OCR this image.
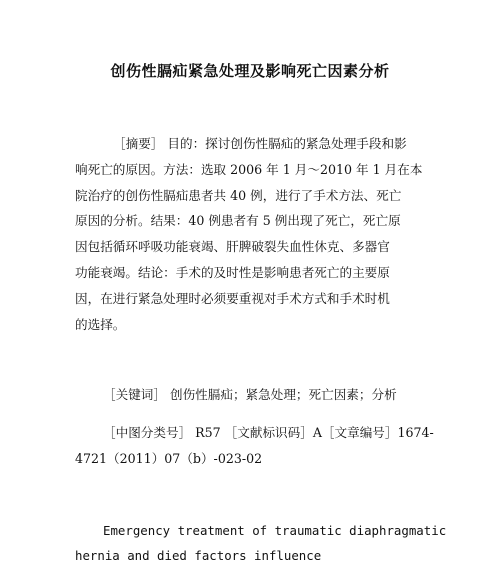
创伤性膈疝紧急处理及影响死亡因素分析
［摘要］ 目的：探讨创伤性膈疝的紧急处理手段和影
响死亡的原因。方法：选取 2006 年 1 月～2010 年 1 月在本
院治疗的创伤性膈疝患者共 40 例，进行了手术方法、死亡
原因的分析。结果：40 例患者有 5 例出现了死亡，死亡原
因包括循环呼吸功能衰竭、肝脾破裂失血性休克、多器官
功能衰竭。结论：手术的及时性是影响患者死亡的主要原
因，在进行紧急处理时必须要重视对手术方式和手术时机
的选择。
［关键词］ 创伤性膈疝；紧急处理；死亡因素；分析
［中图分类号］ R57 ［文献标识码］A［文章编号］1674-
4721（2011）07（b）-023-02
Emergency treatment of traumatic diaphragmatic
hernia and died factors influence
